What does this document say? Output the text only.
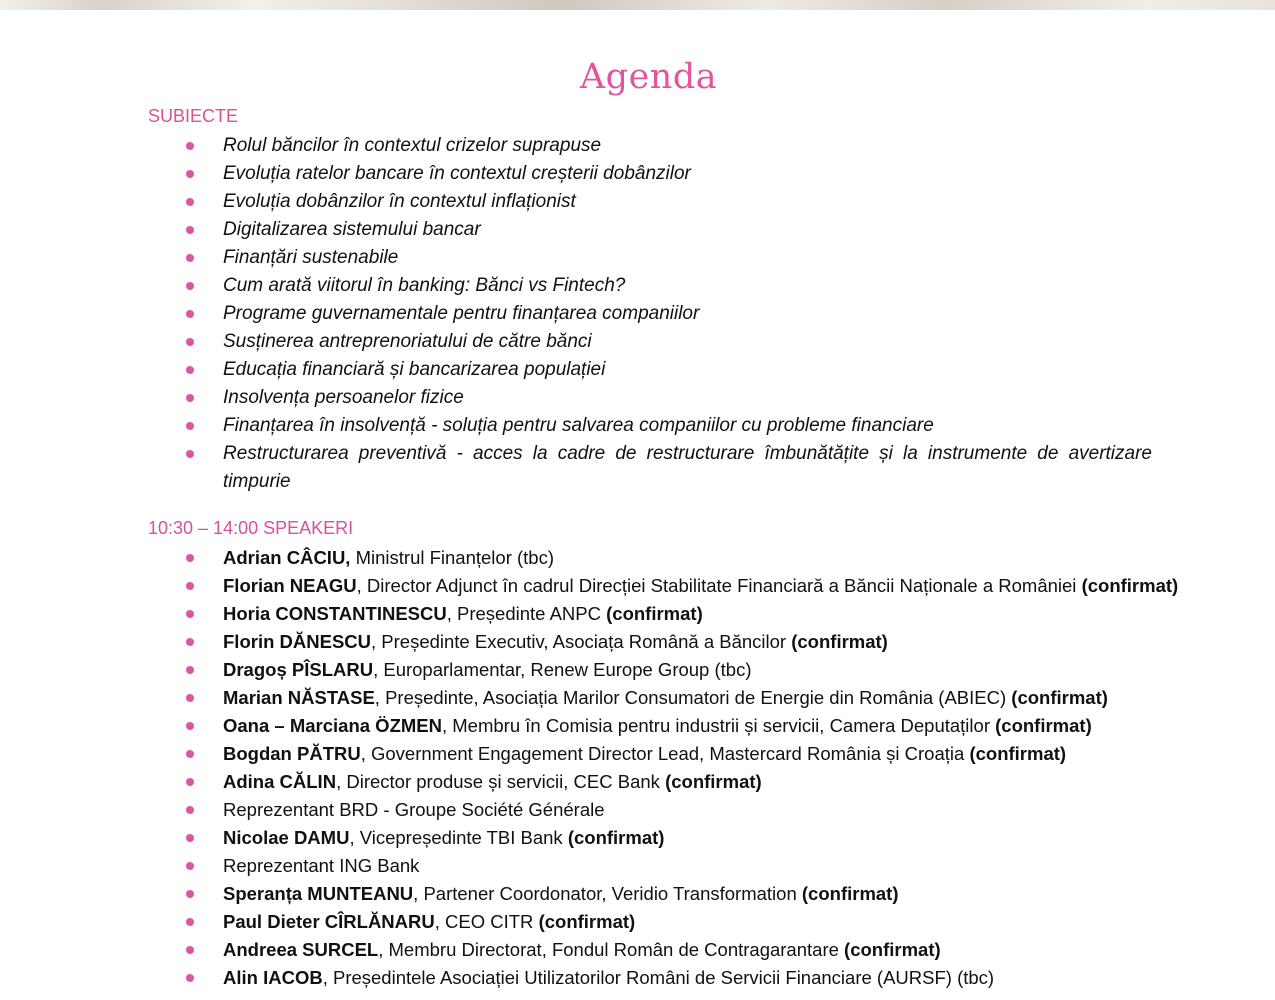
Agenda
SUBIECTE
Rolul băncilor în contextul crizelor suprapuse
Evoluția ratelor bancare în contextul creșterii dobânzilor
Evoluția dobânzilor în contextul inflaționist
Digitalizarea sistemului bancar
Finanțări sustenabile
Cum arată viitorul în banking: Bănci vs Fintech?
Programe guvernamentale pentru finanțarea companiilor
Susținerea antreprenoriatului de către bănci
Educația financiară și bancarizarea populației
Insolvența persoanelor fizice
Finanțarea în insolvență - soluția pentru salvarea companiilor cu probleme financiare
Restructurarea preventivă - acces la cadre de restructurare îmbunătățite și la instrumente de avertizare timpurie
10:30 – 14:00 SPEAKERI
Adrian CÂCIU, Ministrul Finanțelor (tbc)
Florian NEAGU, Director Adjunct în cadrul Direcției Stabilitate Financiară a Băncii Naționale a României (confirmat)
Horia CONSTANTINESCU, Președinte ANPC (confirmat)
Florin DĂNESCU, Președinte Executiv, Asociața Română a Băncilor (confirmat)
Dragoș PÎSLARU, Europarlamentar, Renew Europe Group (tbc)
Marian NĂSTASE, Președinte, Asociația Marilor Consumatori de Energie din România (ABIEC) (confirmat)
Oana – Marciana ÖZMEN, Membru în Comisia pentru industrii și servicii, Camera Deputaților (confirmat)
Bogdan PĂTRU, Government Engagement Director Lead, Mastercard România și Croația (confirmat)
Adina CĂLIN, Director produse și servicii, CEC Bank (confirmat)
Reprezentant BRD - Groupe Société Générale
Nicolae DAMU, Vicepreședinte TBI Bank (confirmat)
Reprezentant ING Bank
Speranța MUNTEANU, Partener Coordonator, Veridio Transformation (confirmat)
Paul Dieter CÎRLĂNARU, CEO CITR (confirmat)
Andreea SURCEL, Membru Directorat, Fondul Român de Contragarantare (confirmat)
Alin IACOB, Președintele Asociației Utilizatorilor Români de Servicii Financiare (AURSF) (tbc)
